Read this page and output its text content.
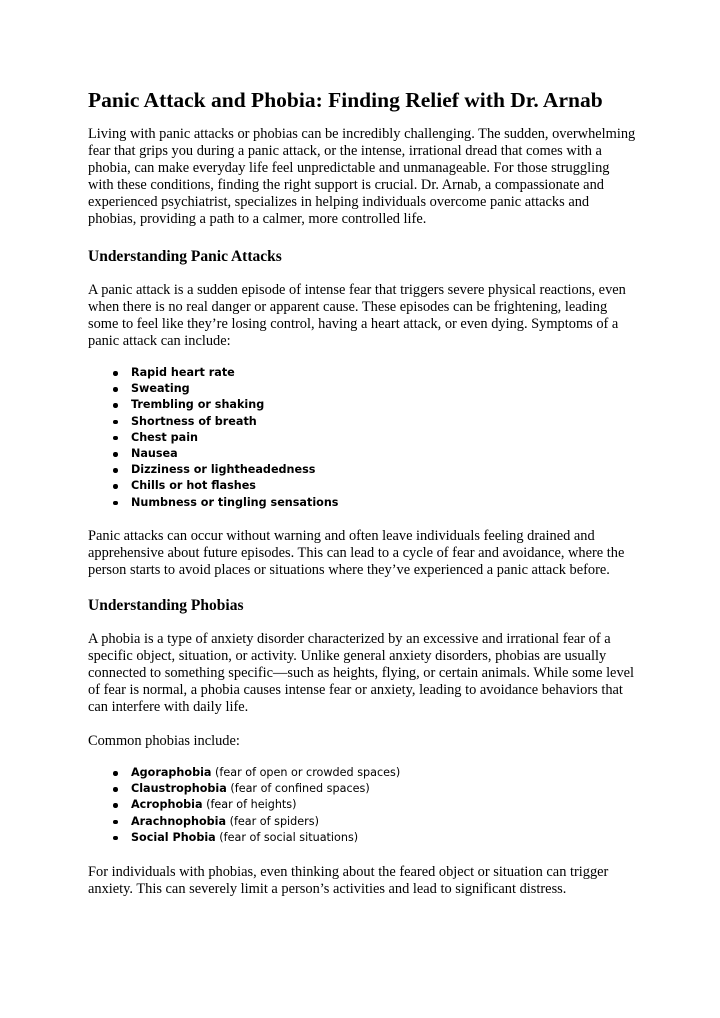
Panic Attack and Phobia: Finding Relief with Dr. Arnab

Living with panic attacks or phobias can be incredibly challenging. The sudden, overwhelming fear that grips you during a panic attack, or the intense, irrational dread that comes with a phobia, can make everyday life feel unpredictable and unmanageable. For those struggling with these conditions, finding the right support is crucial. Dr. Arnab, a compassionate and experienced psychiatrist, specializes in helping individuals overcome panic attacks and phobias, providing a path to a calmer, more controlled life.

Understanding Panic Attacks

A panic attack is a sudden episode of intense fear that triggers severe physical reactions, even when there is no real danger or apparent cause. These episodes can be frightening, leading some to feel like they’re losing control, having a heart attack, or even dying. Symptoms of a panic attack can include:

Rapid heart rate
Sweating
Trembling or shaking
Shortness of breath
Chest pain
Nausea
Dizziness or lightheadedness
Chills or hot flashes
Numbness or tingling sensations

Panic attacks can occur without warning and often leave individuals feeling drained and apprehensive about future episodes. This can lead to a cycle of fear and avoidance, where the person starts to avoid places or situations where they’ve experienced a panic attack before.

Understanding Phobias

A phobia is a type of anxiety disorder characterized by an excessive and irrational fear of a specific object, situation, or activity. Unlike general anxiety disorders, phobias are usually connected to something specific—such as heights, flying, or certain animals. While some level of fear is normal, a phobia causes intense fear or anxiety, leading to avoidance behaviors that can interfere with daily life.

Common phobias include:

Agoraphobia (fear of open or crowded spaces)
Claustrophobia (fear of confined spaces)
Acrophobia (fear of heights)
Arachnophobia (fear of spiders)
Social Phobia (fear of social situations)

For individuals with phobias, even thinking about the feared object or situation can trigger anxiety. This can severely limit a person’s activities and lead to significant distress.
